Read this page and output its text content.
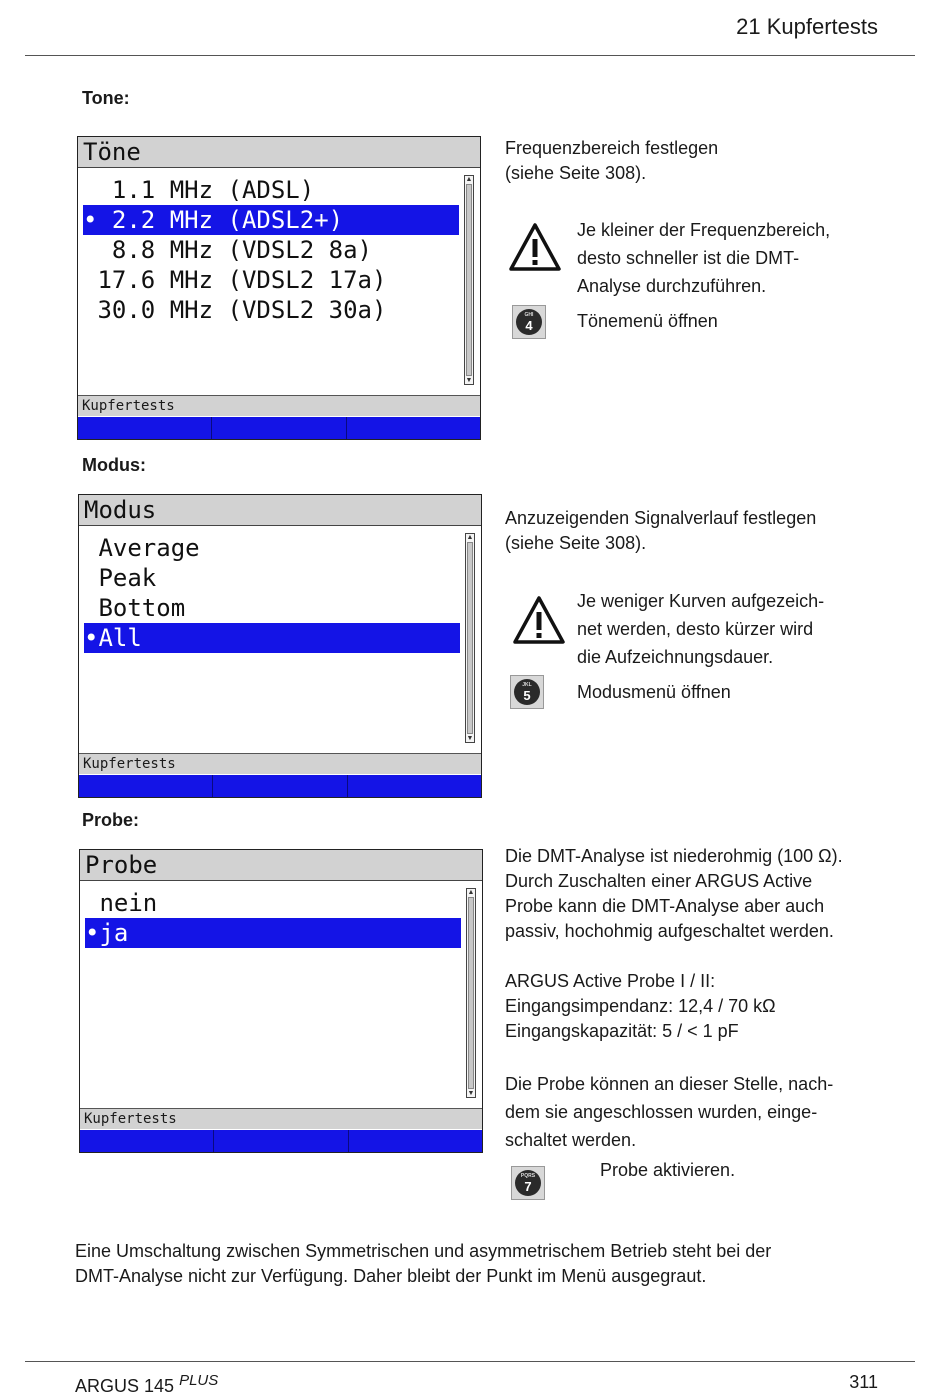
21 Kupfertests
Tone:
Töne
1.1 MHz (ADSL)
• 2.2 MHz (ADSL2+)
8.8 MHz (VDSL2 8a)
17.6 MHz (VDSL2 17a)
30.0 MHz (VDSL2 30a)
▲
▼
Kupfertests
Frequenzbereich festlegen
(siehe Seite 308).
Je kleiner der Frequenzbereich,
desto schneller ist die DMT-
Analyse durchzuführen.
GHI
4	Tönemenü öffnen
Modus:
Modus
Average
Peak
Bottom
•All
▲
▼
Kupfertests
Anzuzeigenden Signalverlauf festlegen
(siehe Seite 308).
Je weniger Kurven aufgezeich-
net werden, desto kürzer wird
die Aufzeichnungsdauer.
JKL
5	Modusmenü öffnen
Probe:
Probe
nein
•ja
▲
▼
Kupfertests
Die DMT-Analyse ist niederohmig (100 Ω).
Durch Zuschalten einer ARGUS Active
Probe kann die DMT-Analyse aber auch
passiv, hochohmig aufgeschaltet werden.
ARGUS Active Probe I / II:
Eingangsimpendanz: 12,4 / 70 kΩ
Eingangskapazität: 5 / < 1 pF
Die Probe können an dieser Stelle, nach-
dem sie angeschlossen wurden, einge-
schaltet werden.
PQRS
7
Probe aktivieren.
Eine Umschaltung zwischen Symmetrischen und asymmetrischem Betrieb steht bei der
DMT-Analyse nicht zur Verfügung. Daher bleibt der Punkt im Menü ausgegraut.
ARGUS 145 $^{PLUS}$	311
